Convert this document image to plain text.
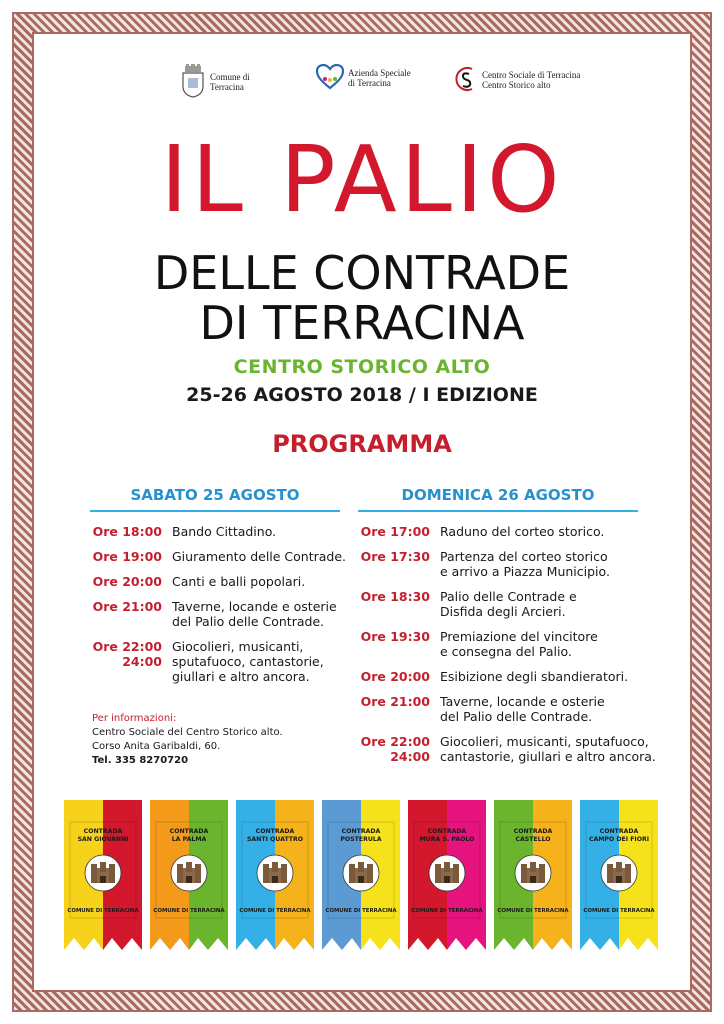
Comune di
Terracina
Azienda Speciale
di Terracina
Centro Sociale di Terracina
Centro Storico alto
IL PALIO
DELLE CONTRADE
DI TERRACINA
CENTRO STORICO ALTO
25-26 AGOSTO 2018 / I EDIZIONE
PROGRAMMA
SABATO 25 AGOSTO	DOMENICA 26 AGOSTO
Ore 18:00 Bando Cittadino.
Ore 19:00 Giuramento delle Contrade.
Ore 20:00 Canti e balli popolari.
Ore 21:00 Taverne, locande e osterie
del Palio delle Contrade.
Ore 22:00
24:00
Giocolieri, musicanti,
sputafuoco, cantastorie,
giullari e altro ancora.
Ore 17:00 Raduno del corteo storico.
Ore 17:30 Partenza del corteo storico
e arrivo a Piazza Municipio.
Ore 18:30 Palio delle Contrade e
Disfida degli Arcieri.
Ore 19:30 Premiazione del vincitore
e consegna del Palio.
Ore 20:00 Esibizione degli sbandieratori.
Ore 21:00 Taverne, locande e osterie
del Palio delle Contrade.
Ore 22:00
24:00
Giocolieri, musicanti, sputafuoco,
cantastorie, giullari e altro ancora.
Per informazioni:
Centro Sociale del Centro Storico alto.
Corso Anita Garibaldi, 60.
Tel. 335 8270720
CONTRADA
SAN GIOVANNI
COMUNE DI TERRACINA
CONTRADA
LA PALMA
COMUNE DI TERRACINA
CONTRADA
SANTI QUATTRO
COMUNE DI TERRACINA
CONTRADA
POSTERULA
COMUNE DI TERRACINA
CONTRADA
MURA S. PAOLO
COMUNE DI TERRACINA
CONTRADA
CASTELLO
COMUNE DI TERRACINA
CONTRADA
CAMPO DEI FIORI
COMUNE DI TERRACINA
